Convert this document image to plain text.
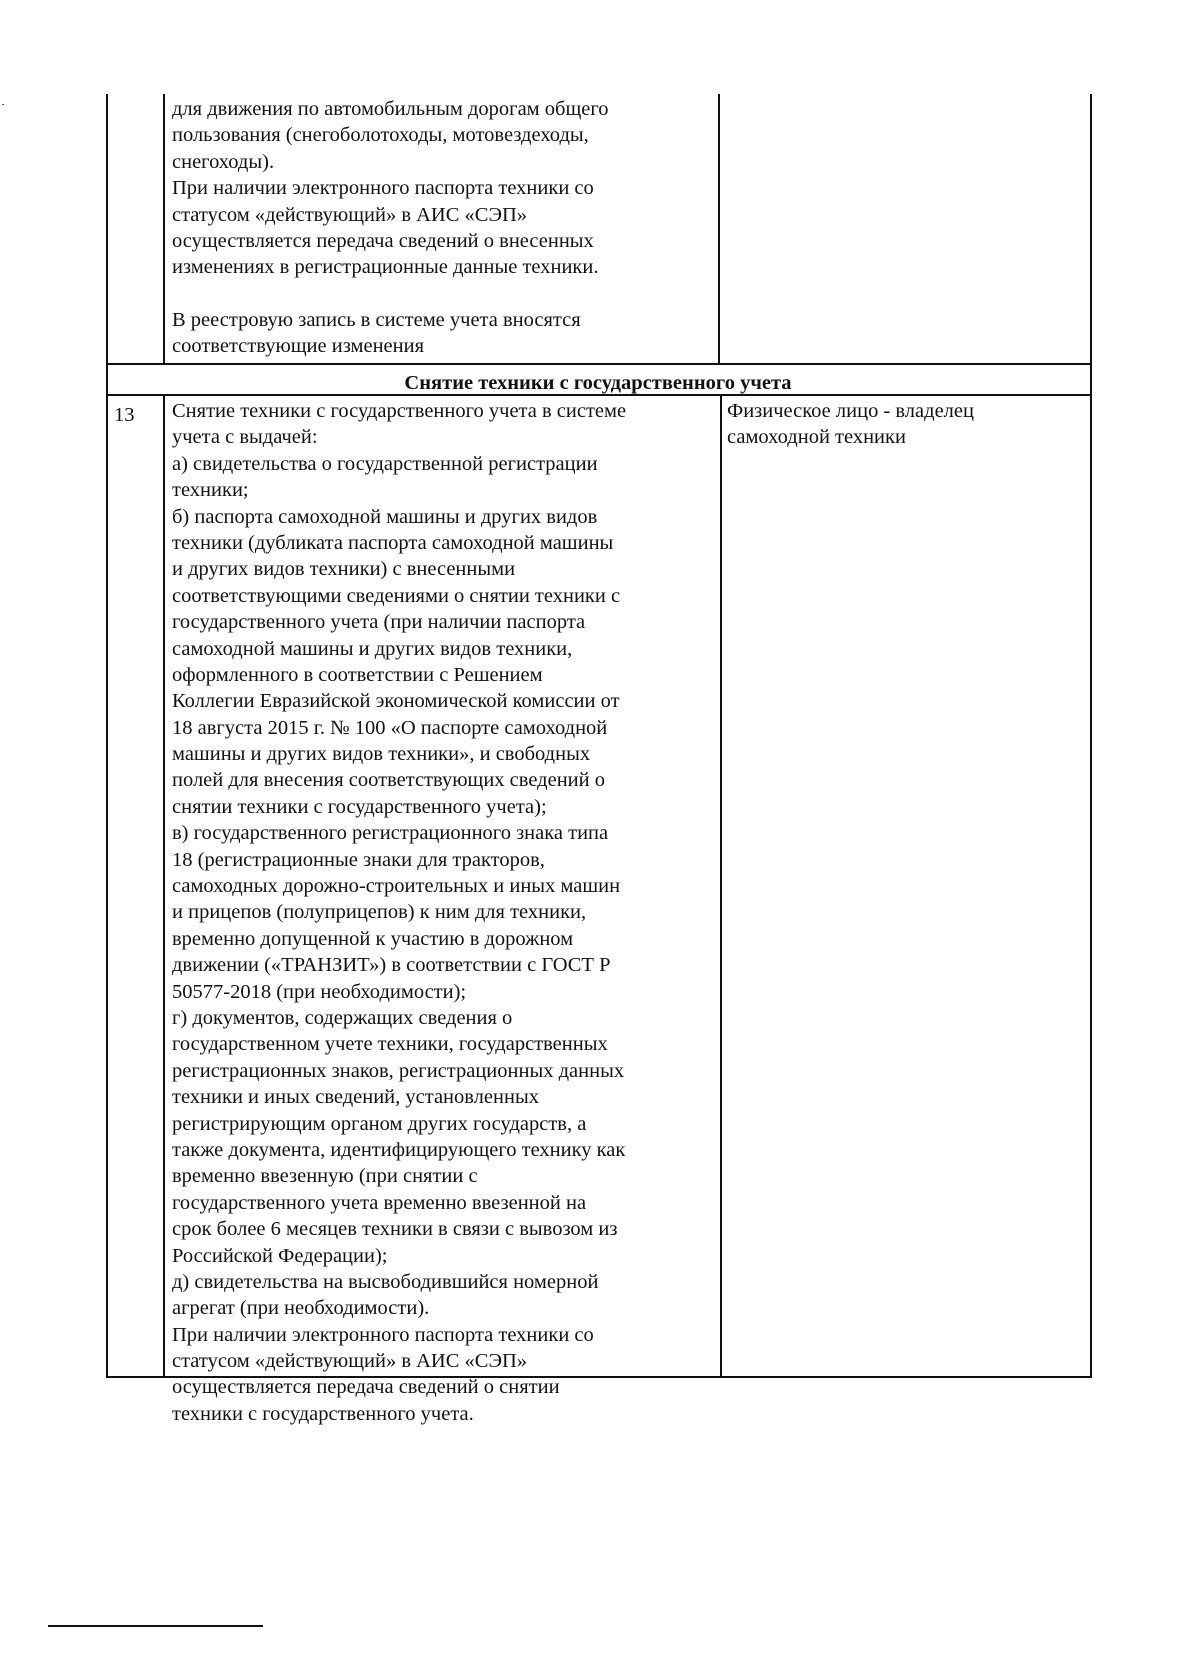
для движения по автомобильным дорогам общего
пользования (снегоболотоходы, мотовездеходы,
снегоходы).
При наличии электронного паспорта техники со
статусом «действующий» в АИС «СЭП»
осуществляется передача сведений о внесенных
изменениях в регистрационные данные техники.
В реестровую запись в системе учета вносятся
соответствующие изменения
Снятие техники с государственного учета
13 Снятие техники с государственного учета в системе
учета с выдачей:
а) свидетельства о государственной регистрации
техники;
б) паспорта самоходной машины и других видов
техники (дубликата паспорта самоходной машины
и других видов техники) с внесенными
соответствующими сведениями о снятии техники с
государственного учета (при наличии паспорта
самоходной машины и других видов техники,
оформленного в соответствии с Решением
Коллегии Евразийской экономической комиссии от
18 августа 2015 г. № 100 «О паспорте самоходной
машины и других видов техники», и свободных
полей для внесения соответствующих сведений о
снятии техники с государственного учета);
в) государственного регистрационного знака типа
18 (регистрационные знаки для тракторов,
самоходных дорожно-строительных и иных машин
и прицепов (полуприцепов) к ним для техники,
временно допущенной к участию в дорожном
движении («ТРАНЗИТ») в соответствии с ГОСТ Р
50577-2018 (при необходимости);
г) документов, содержащих сведения о
государственном учете техники, государственных
регистрационных знаков, регистрационных данных
техники и иных сведений, установленных
регистрирующим органом других государств, а
также документа, идентифицирующего технику как
временно ввезенную (при снятии с
государственного учета временно ввезенной на
срок более 6 месяцев техники в связи с вывозом из
Российской Федерации);
д) свидетельства на высвободившийся номерной
агрегат (при необходимости).
При наличии электронного паспорта техники со
статусом «действующий» в АИС «СЭП»
осуществляется передача сведений о снятии
техники с государственного учета.
Физическое лицо - владелец
самоходной техники
